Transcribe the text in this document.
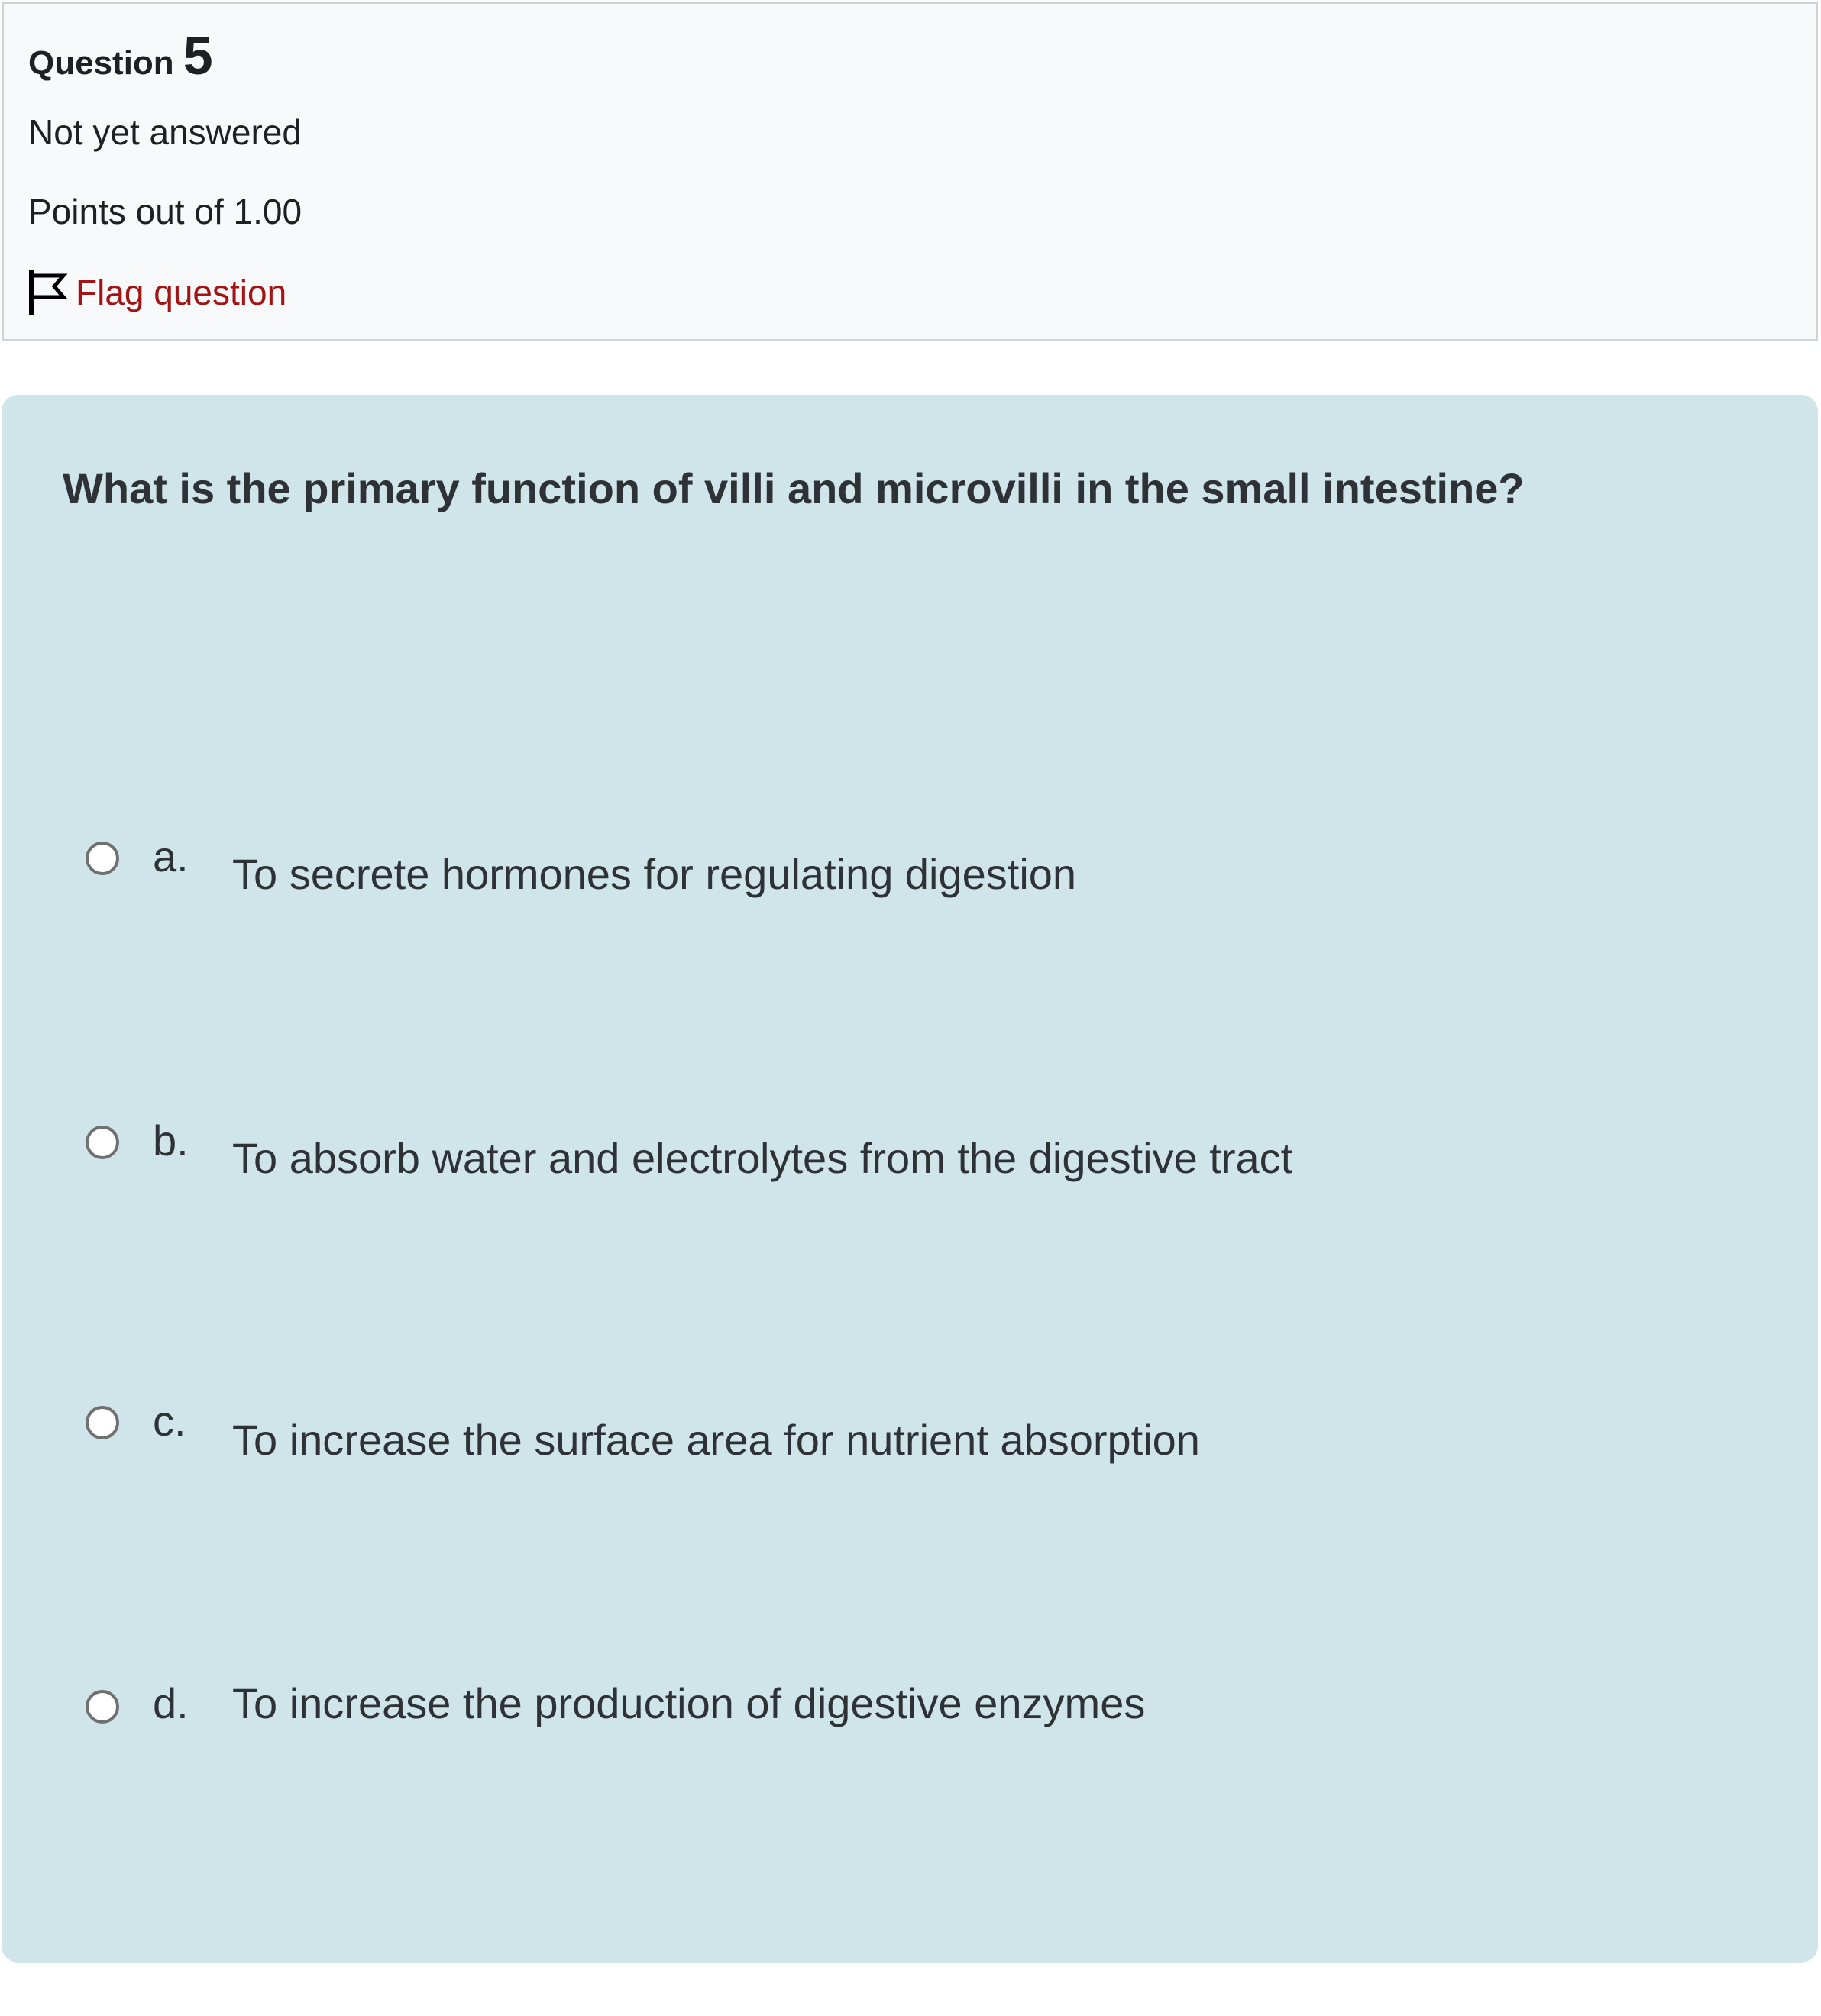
Question 5
Not yet answered
Points out of 1.00
Flag question
What is the primary function of villi and microvilli in the small intestine?
a. To secrete hormones for regulating digestion
b. To absorb water and electrolytes from the digestive tract
c. To increase the surface area for nutrient absorption
d. To increase the production of digestive enzymes
